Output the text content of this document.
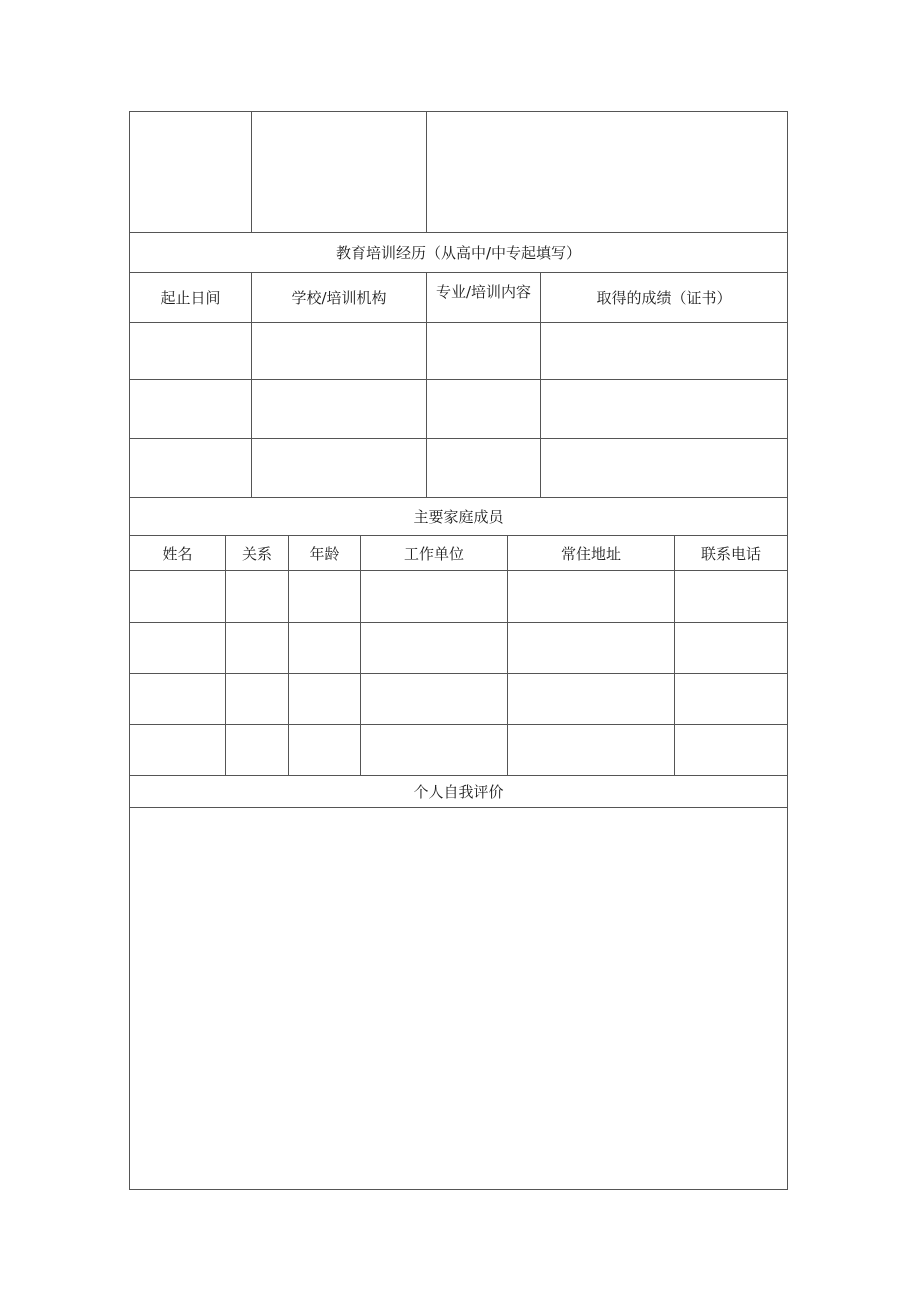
教育培训经历（从高中/中专起填写）
起止日间	学校/培训机构	专业/培训内容	取得的成绩（证书）
主要家庭成员
姓名	关系	年龄	工作单位	常住地址	联系电话
个人自我评价
